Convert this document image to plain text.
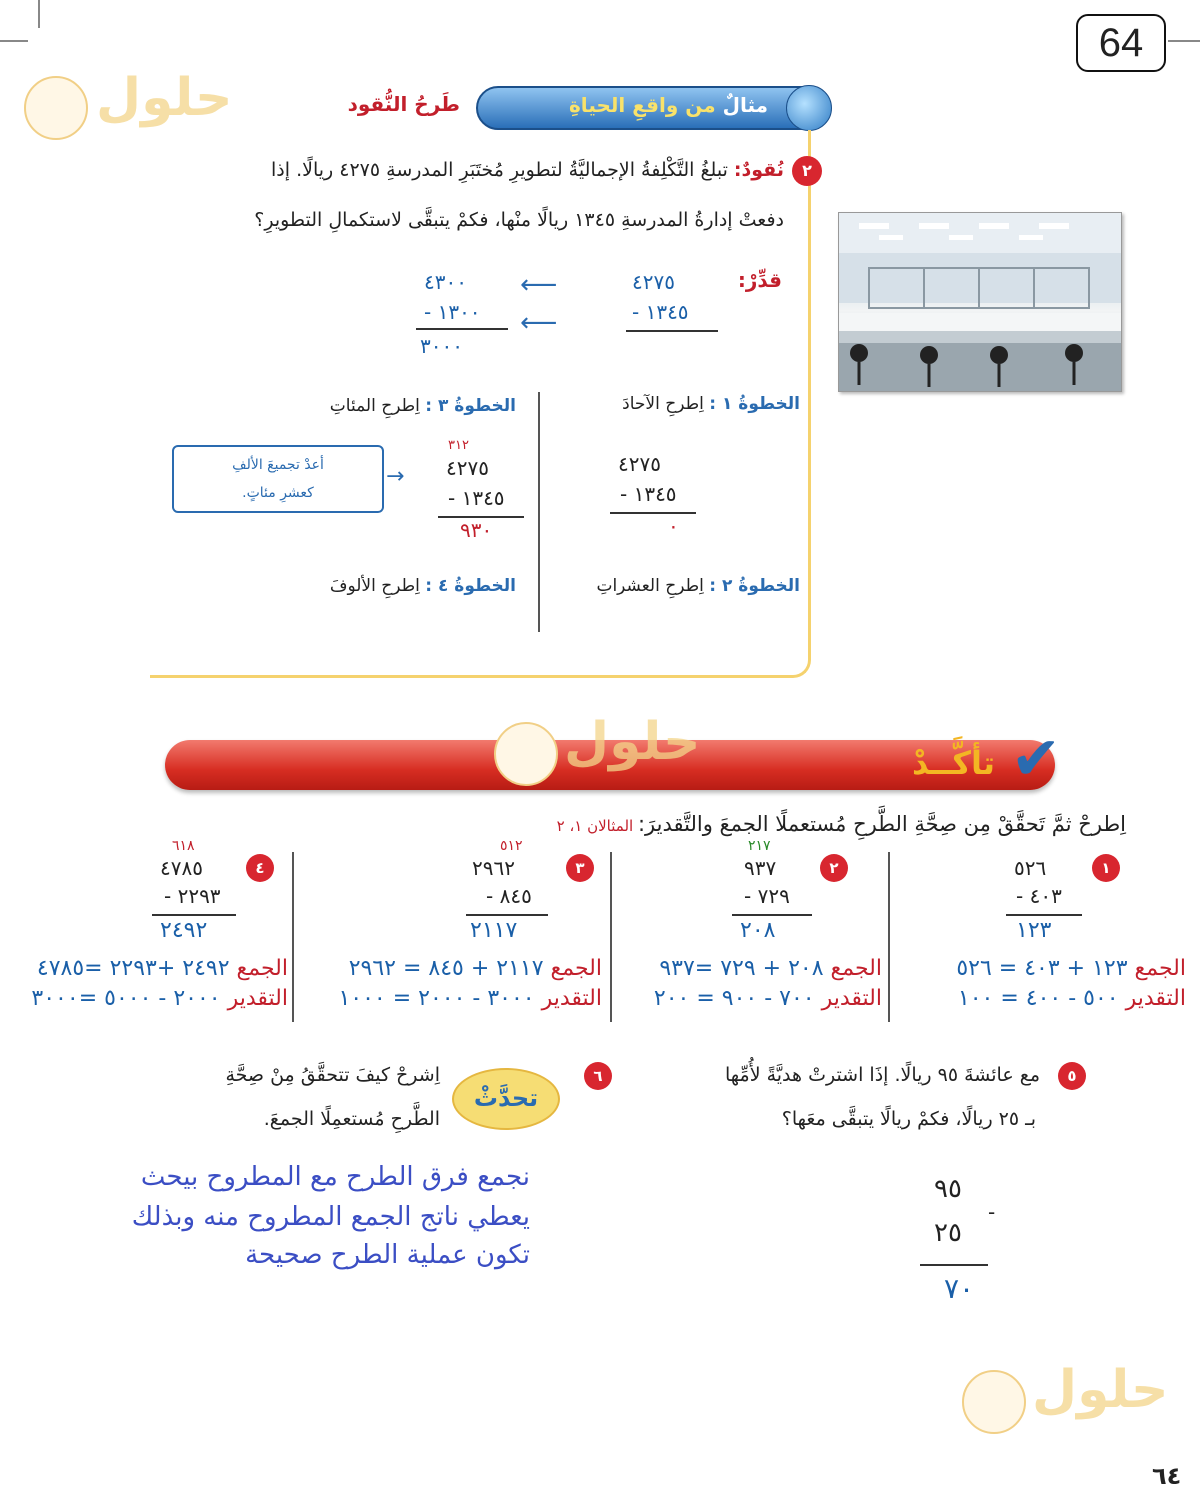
64
حلول	مثالٌ من واقعِ الحياةِ
طَرحُ النُّقود
٢
نُقودٌ: تبلغُ التَّكْلِفةُ الإجماليَّةُ لتطويرِ مُختَبَرِ المدرسةِ ٤٢٧٥ ريالًا. إذا
دفعتْ إدارةُ المدرسةِ ١٣٤٥ ريالًا منْها، فكمْ يتبقَّى لاستكمالِ التطويرِ؟
قدِّرْ:
٤٢٧٥
١٣٤٥ -
⟵
⟵
٤٣٠٠
١٣٠٠ -
٣٠٠٠
الخطوةُ ١ : اِطرحِ الآحادَ
٤٢٧٥
١٣٤٥ -
٠
الخطوةُ ٢ : اِطرحِ العشراتِ
الخطوةُ ٣ : اِطرحِ المئاتِ
٣١٢
٤٢٧٥
١٣٤٥ -
٩٣٠
→
أعدْ تجميعَ الألفِ
كعشرِ مئاتٍ.
الخطوةُ ٤ : اِطرحِ الألوفَ
تأكَّــدْ ✔
حلول
اِطرحْ ثمَّ تَحقَّقْ مِن صِحَّةِ الطَّرحِ مُستعملًا الجمعَ والتَّقديرَ: المثالان ١، ٢
١
٥٢٦
٤٠٣ -
١٢٣
الجمع ١٢٣ + ٤٠٣ = ٥٢٦
التقدير ٥٠٠ - ٤٠٠ = ١٠٠
٢
٢١٧
٩٣٧
٧٢٩ -
٢٠٨
الجمع ٢٠٨ + ٧٢٩ =٩٣٧
التقدير ٧٠٠ - ٩٠٠ = ٢٠٠
٣
٥١٢
٢٩٦٢
٨٤٥ -
٢١١٧
الجمع ٢١١٧ + ٨٤٥ = ٢٩٦٢
التقدير ٣٠٠٠ - ٢٠٠٠ = ١٠٠٠
٤
٦١٨
٤٧٨٥
٢٢٩٣ -
٢٤٩٢
الجمع ٢٤٩٢ +٢٢٩٣ =٤٧٨٥
التقدير ٢٠٠٠ - ٥٠٠٠ =٣٠٠٠
٥
مع عائشةَ ٩٥ ريالًا. إذَا اشترتْ هديَّةً لأُمِّها
بـ ٢٥ ريالًا، فكمْ ريالًا يتبقَّى معَها؟
٩٥
-
٢٥
٧٠
٦
تحدَّثْ
اِشرحْ كيفَ تتحقَّقُ مِنْ صِحَّةِ
الطَّرحِ مُستعمِلًا الجمعَ.
نجمع فرق الطرح مع المطروح بيحث
يعطي ناتج الجمع المطروح منه وبذلك
تكون عملية الطرح صحيحة
حلول
٦٤
